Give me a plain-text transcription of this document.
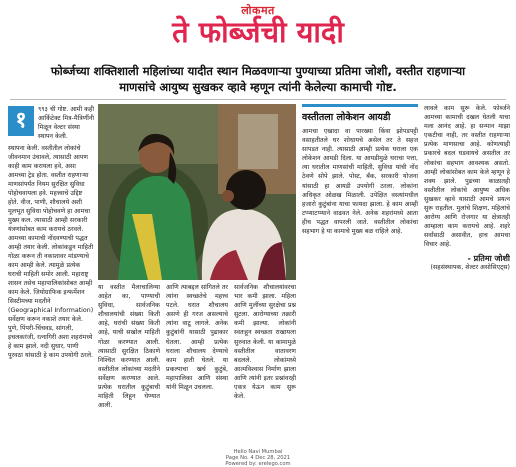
लोकमत
ते फोर्ब्जची यादी
फोर्ब्जच्या शक्तिशाली महिलांच्या यादीत स्थान मिळवणाऱ्या पुण्याच्या प्रतिमा जोशी, वस्तीत राहणाऱ्या माणसांचे आयुष्य सुखकर व्हावे म्हणून त्यांनी केलेल्या कामाची गोष्ट.
१	९९३ ची गोष्ट. आमी कही आर्किटेक्ट मित्र-मैत्रिणींनी मिळून वेल्टर संस्था स्थापन केली.
स्थापना केली. वस्तीतील लोकांचे जीवनमान उंचावले, त्यासाठी आपण काही काम करायला हवे, असा आमच्या ट्रेड होता. वस्तीत राहणाऱ्या माणसांपर्यंत नियम सुरक्षित सुविधा पोहोचवायला हवे. महत्त्वाचे उद्दिष्ट होते. वीज, पाणी, शौचालये अशी मूलभूत सुविधा पोहोचवणे हा आमचा मुख्य कल. त्यासाठी आम्ही सरकारी यंत्रणांसोबत काम करायचे ठरवले. आमच्या कामाची नोंदवण्याची पद्धत आम्ही तयार केली. लोकांकडून माहिती गोळा करून ती नकाशावर मांडण्याचे काम आम्ही केले. त्यामुळे प्रत्येक घराची माहिती समोर आली. महाराष्ट्र शासन तसेच महापालिकांसोबत आम्ही काम केले. जियोग्राफिक इन्फर्मेशन सिस्टीमच्या मदतीने (Geographical Information) सर्वेक्षण करून नकाशे तयार केले. पुणे, पिंपरी-चिंचवड, सांगली, इचलकरंजी, रत्नागिरी अशा शहरांमध्ये हे काम झाले. नदी सुधार, पाणी पुरवठा यांसाठी हे काम उपयोगी ठरले.
या वस्तीत मैलाचालिन्या आहेत का, पाण्याची सुविधा, सार्वजनिक शौचालयांची संख्या किती आहे, घरांची संख्या किती आहे, याची सखोल माहिती गोळा करण्यात आली. त्यासाठी सुरक्षित ठिकाणे निश्चित करण्यात आली. वस्तीतील लोकांच्या मदतीने सर्वेक्षण करण्यात आले. प्रत्येक घरातील कुटुंबाची माहिती लिहून घेण्यात आली.
आणि त्याबद्दल सांगितले तर त्यांना स्वच्छतेचे महत्त्व पटले. घरात शौचालय असणे ही गरज असल्याचे त्यांना वाटू लागले. अनेक कुटुंबांनी यासाठी पुढाकार घेतला. आम्ही प्रत्येक घराला शौचालय देण्याचे काम हाती घेतले. या प्रकल्पाचा खर्च कुटुंबे, महापालिका आणि संस्था यांनी मिळून उचलला.
सार्वजनिक शौचालयांवरचा भार कमी झाला. महिला आणि मुलींच्या सुरक्षेचा प्रश्न सुटला. आरोग्याच्या तक्रारी कमी झाल्या. लोकांनी स्वतःहून स्वच्छता राखायला सुरुवात केली. या कामामुळे वस्तीतील वातावरण बदलले. लोकांमध्ये आत्मविश्वास निर्माण झाला आणि त्यांनी इतर प्रश्नांवरही एकत्र येऊन काम सुरू केले.
वस्तीतला लोकेशन आयडी
आमचा एखादा वा पारख्या किंवा झोपडपट्टी वसाहतीतले घर शोधायचे असेल तर ते सहज सापडत नाही. त्यासाठी आम्ही प्रत्येक घराला एक लोकेशन आयडी दिला. या आयडीमुळे घराचा पत्ता, त्या घरातील माणसांची माहिती, सुविधा यांची नोंद ठेवणे सोपे झाले. पोस्ट, बँक, सरकारी योजना यांसाठी हा आयडी उपयोगी ठरला. लोकांना अधिकृत ओळख मिळाली. उपेक्षित वस्त्यांमधील हजारो कुटुंबांना याचा फायदा झाला. हे काम आम्ही टप्प्याटप्प्याने वाढवत नेले. अनेक शहरांमध्ये आता हीच पद्धत वापरली जाते. वस्तीतील लोकांचा सहभाग हे या कामाचे मुख्य बळ राहिले आहे.
लावले काम सुरू केले. फोर्ब्जने आमच्या कामाची दखल घेतली याचा मला आनंद आहे. हा सन्मान माझा एकटीचा नाही, तर वस्तीत राहणाऱ्या प्रत्येक माणसाचा आहे. कोणत्याही प्रकारचे बदल घडवायचे असतील तर लोकांचा सहभाग आवश्यक असतो. आम्ही लोकांसोबत काम केले म्हणून हे शक्य झाले. पुढच्या काळातही वस्तीतील लोकांचे आयुष्य अधिक सुखकर व्हावे यासाठी आमचे प्रयत्न सुरू राहतील. मुलांचे शिक्षण, महिलांचे आरोग्य आणि रोजगार या क्षेत्रातही आम्हाला काम करायचे आहे. शहरे सर्वांसाठी असावीत, हाच आमचा विचार आहे.
- प्रतिमा जोशी
(सहसंस्थापक, शेल्टर असोसिएट्स)
Hello Navi Mumbai
Page No. 4 Dec 28, 2021
Powered by: erelego.com
